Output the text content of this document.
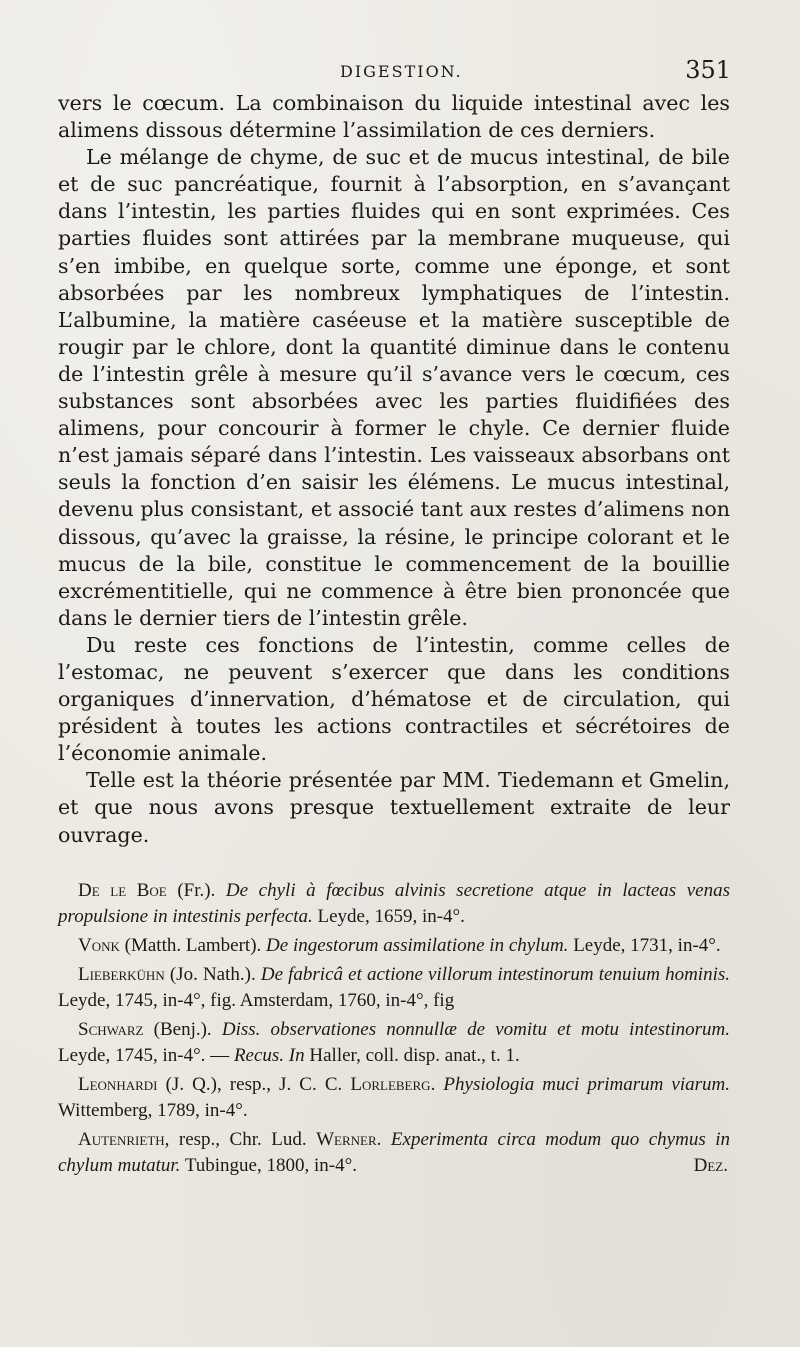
DIGESTION.	351

vers le cœcum. La combinaison du liquide intestinal avec les alimens dissous détermine l’assimilation de ces derniers.

Le mélange de chyme, de suc et de mucus intestinal, de bile et de suc pancréatique, fournit à l’absorption, en s’avançant dans l’intestin, les parties fluides qui en sont exprimées. Ces parties fluides sont attirées par la membrane muqueuse, qui s’en imbibe, en quelque sorte, comme une éponge, et sont absorbées par les nombreux lymphatiques de l’intestin. L’albumine, la matière caséeuse et la matière susceptible de rougir par le chlore, dont la quantité diminue dans le contenu de l’intestin grêle à mesure qu’il s’avance vers le cœcum, ces substances sont absorbées avec les parties fluidifiées des alimens, pour concourir à former le chyle. Ce dernier fluide n’est jamais séparé dans l’intestin. Les vaisseaux absorbans ont seuls la fonction d’en saisir les élémens. Le mucus intestinal, devenu plus consistant, et associé tant aux restes d’alimens non dissous, qu’avec la graisse, la résine, le principe colorant et le mucus de la bile, constitue le commencement de la bouillie excrémentitielle, qui ne commence à être bien prononcée que dans le dernier tiers de l’intestin grêle.

Du reste ces fonctions de l’intestin, comme celles de l’estomac, ne peuvent s’exercer que dans les conditions organiques d’innervation, d’hématose et de circulation, qui président à toutes les actions contractiles et sécrétoires de l’économie animale.

Telle est la théorie présentée par MM. Tiedemann et Gmelin, et que nous avons presque textuellement extraite de leur ouvrage.

De le Boe (Fr.). De chyli à fœcibus alvinis secretione atque in lacteas venas propulsione in intestinis perfecta. Leyde, 1659, in-4°.

Vonk (Matth. Lambert). De ingestorum assimilatione in chylum. Leyde, 1731, in-4°.

Lieberkühn (Jo. Nath.). De fabricâ et actione villorum intestinorum tenuium hominis. Leyde, 1745, in-4°, fig. Amsterdam, 1760, in-4°, fig

Schwarz (Benj.). Diss. observationes nonnullæ de vomitu et motu intestinorum. Leyde, 1745, in-4°. — Recus. In Haller, coll. disp. anat., t. 1.

Leonhardi (J. Q.), resp., J. C. C. Lorleberg. Physiologia muci primarum viarum. Wittemberg, 1789, in-4°.

Autenrieth, resp., Chr. Lud. Werner. Experimenta circa modum quo chymus in chylum mutatur. Tubingue, 1800, in-4°.	Dez.
